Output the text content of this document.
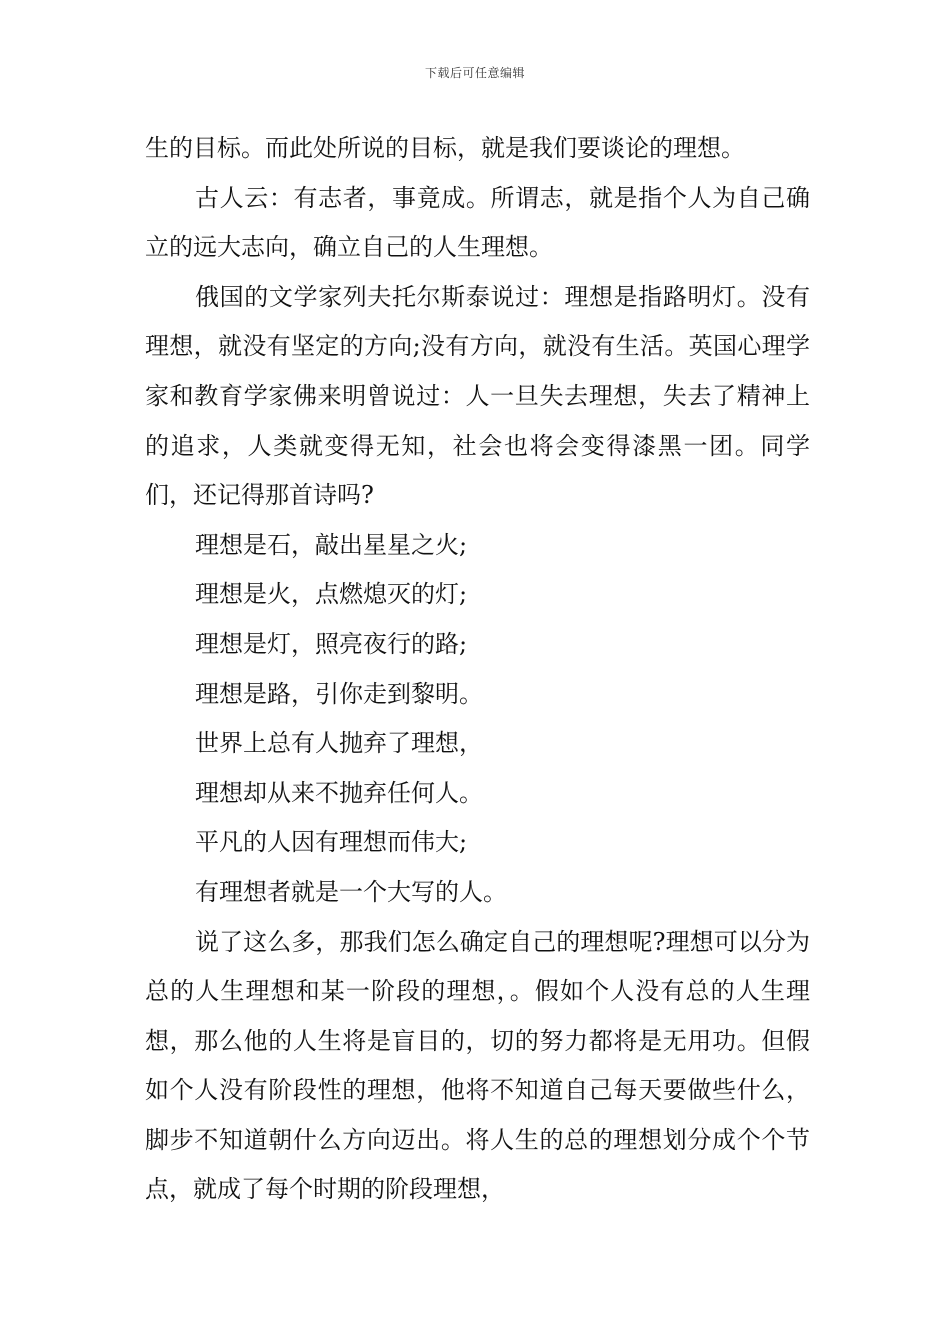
下载后可任意编辑

生的目标。而此处所说的目标，就是我们要谈论的理想。

古人云：有志者，事竟成。所谓志，就是指个人为自己确立的远大志向，确立自己的人生理想。

俄国的文学家列夫托尔斯泰说过：理想是指路明灯。没有理想，就没有坚定的方向;没有方向，就没有生活。英国心理学家和教育学家佛来明曾说过：人一旦失去理想，失去了精神上的追求，人类就变得无知，社会也将会变得漆黑一团。同学们，还记得那首诗吗?

理想是石，敲出星星之火;

理想是火，点燃熄灭的灯;

理想是灯，照亮夜行的路;

理想是路，引你走到黎明。

世界上总有人抛弃了理想，

理想却从来不抛弃任何人。

平凡的人因有理想而伟大;

有理想者就是一个大写的人。

说了这么多，那我们怎么确定自己的理想呢?理想可以分为总的人生理想和某一阶段的理想，。假如个人没有总的人生理想，那么他的人生将是盲目的，切的努力都将是无用功。但假如个人没有阶段性的理想，他将不知道自己每天要做些什么，脚步不知道朝什么方向迈出。将人生的总的理想划分成个个节点，就成了每个时期的阶段理想，
